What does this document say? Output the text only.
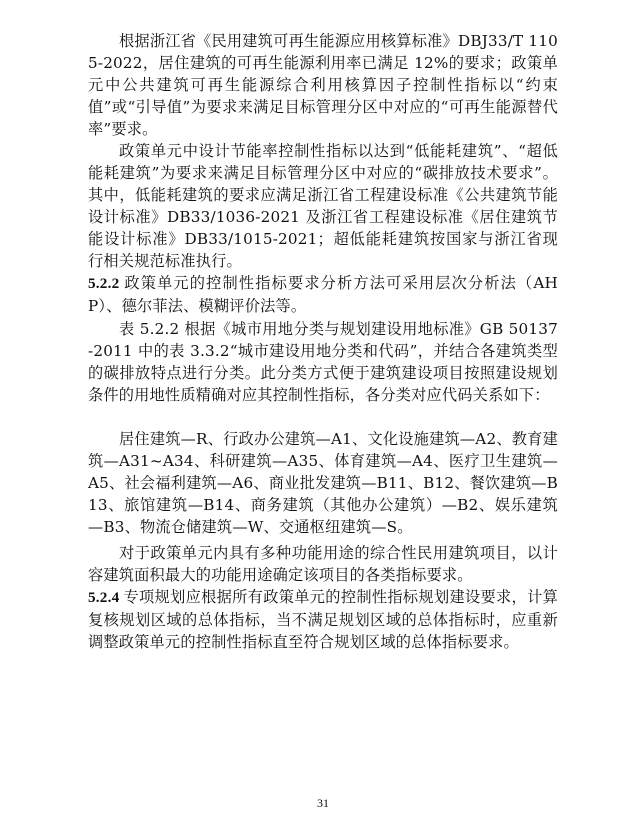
根据浙江省《民用建筑可再生能源应用核算标准》DBJ33/T 1105-2022，居住建筑的可再生能源利用率已满足 12%的要求；政策单元中公共建筑可再生能源综合利用核算因子控制性指标以“约束值”或“引导值”为要求来满足目标管理分区中对应的“可再生能源替代率”要求。

政策单元中设计节能率控制性指标以达到“低能耗建筑”、“超低能耗建筑”为要求来满足目标管理分区中对应的“碳排放技术要求”。其中，低能耗建筑的要求应满足浙江省工程建设标准《公共建筑节能设计标准》DB33/1036-2021 及浙江省工程建设标准《居住建筑节能设计标准》DB33/1015-2021；超低能耗建筑按国家与浙江省现行相关规范标准执行。

5.2.2 政策单元的控制性指标要求分析方法可采用层次分析法（AHP）、德尔菲法、模糊评价法等。

表 5.2.2 根据《城市用地分类与规划建设用地标准》GB 50137-2011 中的表 3.3.2“城市建设用地分类和代码”，并结合各建筑类型的碳排放特点进行分类。此分类方式便于建筑建设项目按照建设规划条件的用地性质精确对应其控制性指标，各分类对应代码关系如下：

居住建筑—R、行政办公建筑—A1、文化设施建筑—A2、教育建筑—A31~A34、科研建筑—A35、体育建筑—A4、医疗卫生建筑—A5、社会福利建筑—A6、商业批发建筑—B11、B12、餐饮建筑—B13、旅馆建筑—B14、商务建筑（其他办公建筑）—B2、娱乐建筑—B3、物流仓储建筑—W、交通枢纽建筑—S。

对于政策单元内具有多种功能用途的综合性民用建筑项目，以计容建筑面积最大的功能用途确定该项目的各类指标要求。

5.2.4 专项规划应根据所有政策单元的控制性指标规划建设要求，计算复核规划区域的总体指标，当不满足规划区域的总体指标时，应重新调整政策单元的控制性指标直至符合规划区域的总体指标要求。

31
